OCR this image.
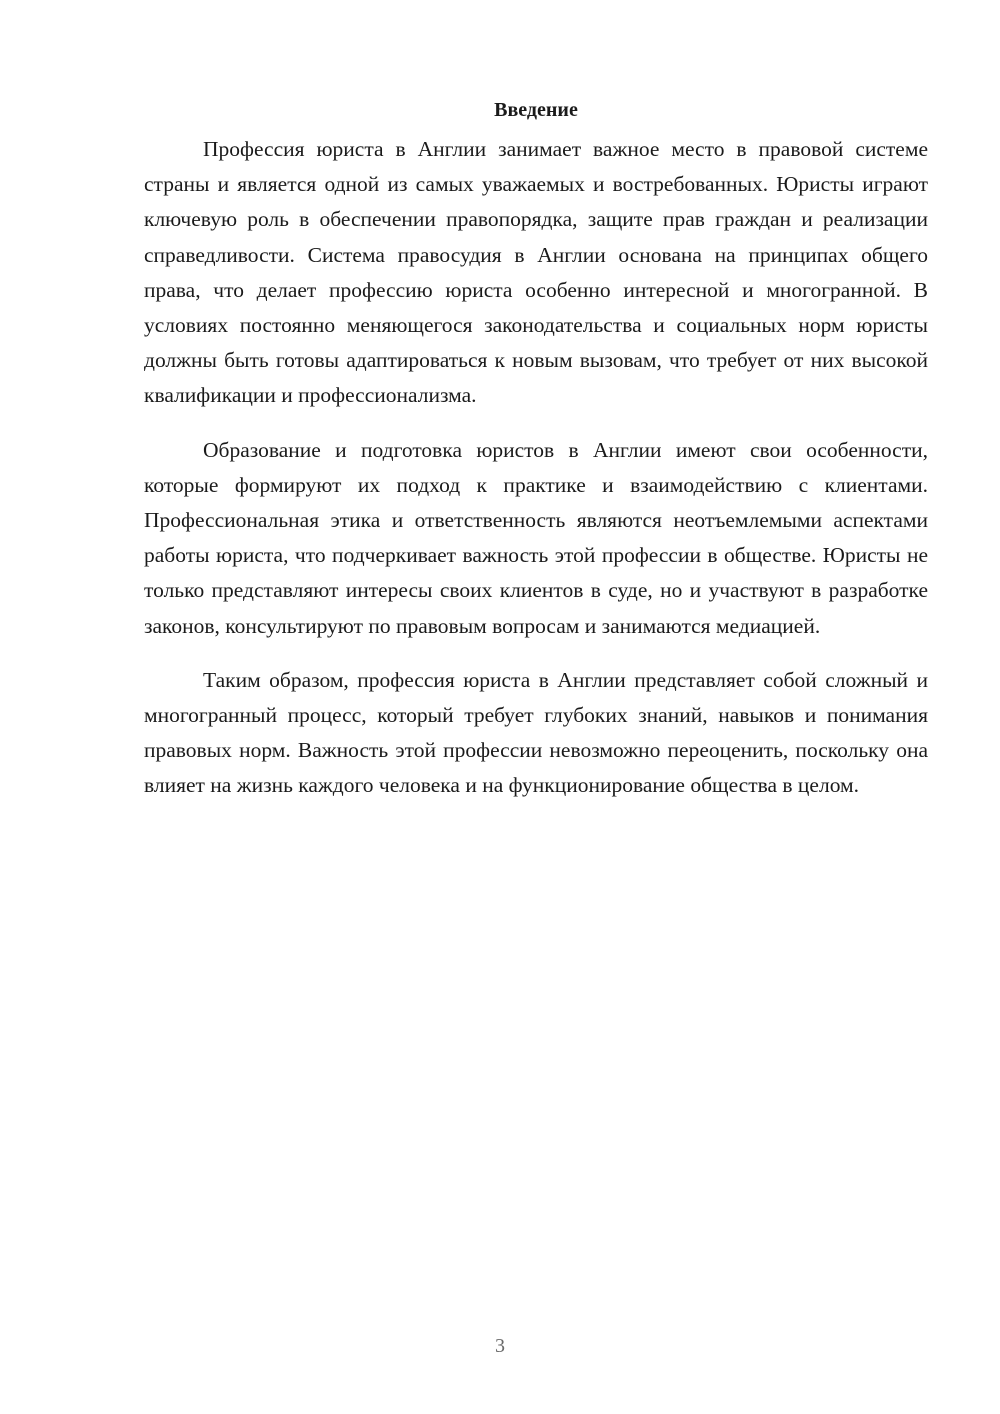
Введение

Профессия юриста в Англии занимает важное место в правовой системе страны и является одной из самых уважаемых и востребованных. Юристы играют ключевую роль в обеспечении правопорядка, защите прав граждан и реализации справедливости. Система правосудия в Англии основана на принципах общего права, что делает профессию юриста особенно интересной и многогранной. В условиях постоянно меняющегося законодательства и социальных норм юристы должны быть готовы адаптироваться к новым вызовам, что требует от них высокой квалификации и профессионализма.

Образование и подготовка юристов в Англии имеют свои особенности, которые формируют их подход к практике и взаимодействию с клиентами. Профессиональная этика и ответственность являются неотъемлемыми аспектами работы юриста, что подчеркивает важность этой профессии в обществе. Юристы не только представляют интересы своих клиентов в суде, но и участвуют в разработке законов, консультируют по правовым вопросам и занимаются медиацией.

Таким образом, профессия юриста в Англии представляет собой сложный и многогранный процесс, который требует глубоких знаний, навыков и понимания правовых норм. Важность этой профессии невозможно переоценить, поскольку она влияет на жизнь каждого человека и на функционирование общества в целом.

3
